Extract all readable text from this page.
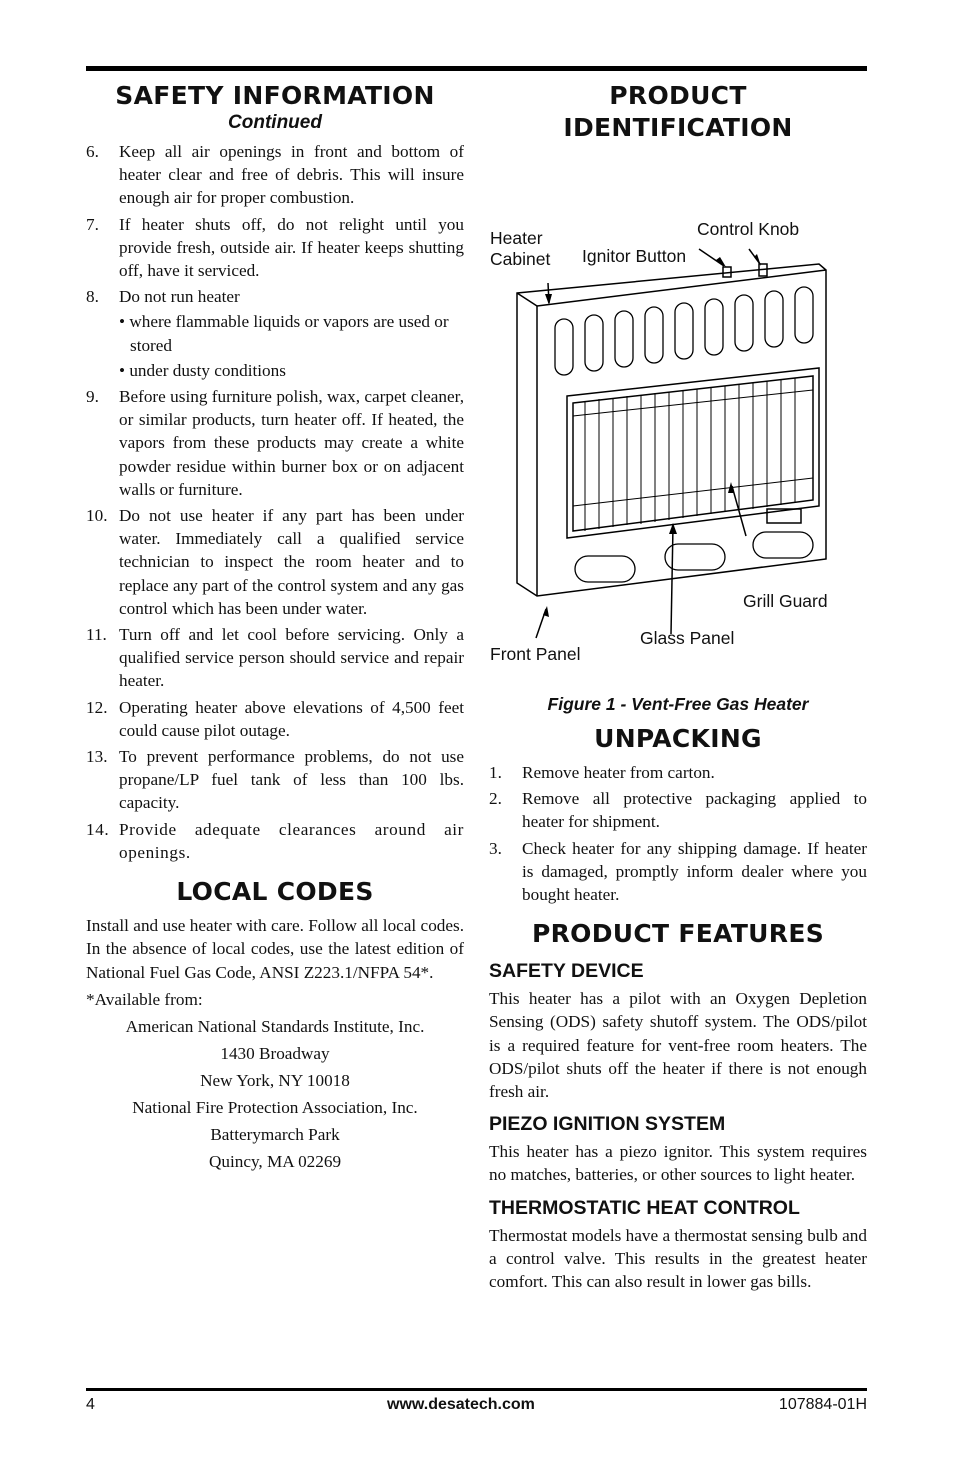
SAFETY INFORMATION
Continued
6. Keep all air openings in front and bottom of heater clear and free of debris. This will insure enough air for proper combustion.
7. If heater shuts off, do not relight until you provide fresh, outside air. If heater keeps shutting off, have it serviced.
8. Do not run heater
• where flammable liquids or vapors are used or stored
• under dusty conditions
9. Before using furniture polish, wax, carpet cleaner, or similar products, turn heater off. If heated, the vapors from these products may create a white powder residue within burner box or on adjacent walls or furniture.
10. Do not use heater if any part has been under water. Immediately call a qualified service technician to inspect the room heater and to replace any part of the control system and any gas control which has been under water.
11. Turn off and let cool before servicing. Only a qualified service person should service and repair heater.
12. Operating heater above elevations of 4,500 feet could cause pilot outage.
13. To prevent performance problems, do not use propane/LP fuel tank of less than 100 lbs. capacity.
14. Provide adequate clearances around air openings.
LOCAL CODES

Install and use heater with care. Follow all local codes. In the absence of local codes, use the latest edition of National Fuel Gas Code, ANSI Z223.1/NFPA 54*.

*Available from:

American National Standards Institute, Inc.
1430 Broadway
New York, NY 10018
National Fire Protection Association, Inc.
Batterymarch Park
Quincy, MA 02269
PRODUCT
IDENTIFICATION
Heater
Cabinet
Control Knob
Ignitor Button
Grill Guard
Glass Panel
Front Panel
Figure 1 - Vent-Free Gas Heater
UNPACKING
1. Remove heater from carton.
2. Remove all protective packaging applied to heater for shipment.
3. Check heater for any shipping damage. If heater is damaged, promptly inform dealer where you bought heater.
PRODUCT FEATURES
SAFETY DEVICE

This heater has a pilot with an Oxygen Depletion Sensing (ODS) safety shutoff system. The ODS/pilot is a required feature for vent-free room heaters. The ODS/pilot shuts off the heater if there is not enough fresh air.

PIEZO IGNITION SYSTEM

This heater has a piezo ignitor. This system requires no matches, batteries, or other sources to light heater.

THERMOSTATIC HEAT CONTROL

Thermostat models have a thermostat sensing bulb and a control valve. This results in the greatest heater comfort. This can also result in lower gas bills.

4	www.desatech.com	107884-01H
